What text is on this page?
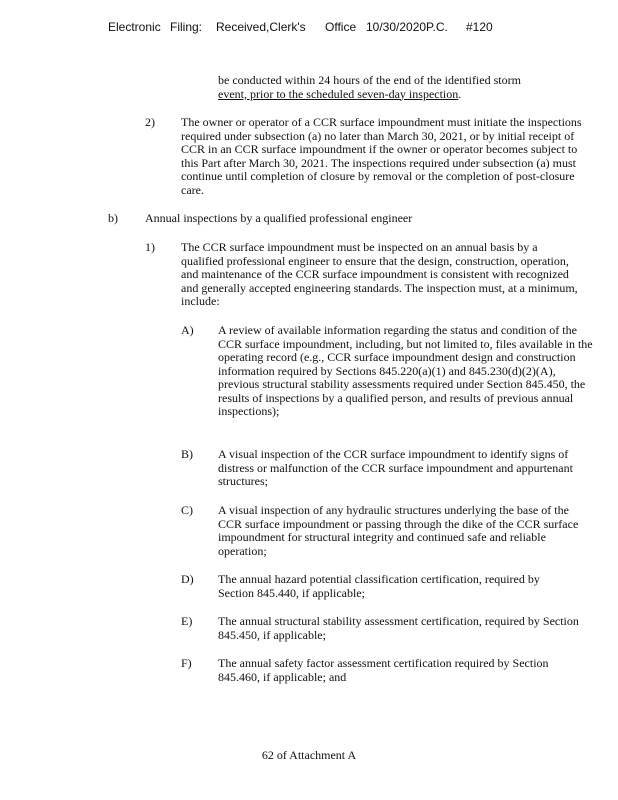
Electronic Filing: Received,Clerk's Office 10/30/2020P.C. #120
be conducted within 24 hours of the end of the identified storm
event, prior to the scheduled seven-day inspection.
2) The owner or operator of a CCR surface impoundment must initiate the inspections required under subsection (a) no later than March 30, 2021, or by initial receipt of CCR in an CCR surface impoundment if the owner or operator becomes subject to this Part after March 30, 2021. The inspections required under subsection (a) must continue until completion of closure by removal or the completion of post-closure care.
b) Annual inspections by a qualified professional engineer
1) The CCR surface impoundment must be inspected on an annual basis by a qualified professional engineer to ensure that the design, construction, operation, and maintenance of the CCR surface impoundment is consistent with recognized and generally accepted engineering standards. The inspection must, at a minimum, include:
A) A review of available information regarding the status and condition of the CCR surface impoundment, including, but not limited to, files available in the operating record (e.g., CCR surface impoundment design and construction information required by Sections 845.220(a)(1) and 845.230(d)(2)(A), previous structural stability assessments required under Section 845.450, the results of inspections by a qualified person, and results of previous annual inspections);
B) A visual inspection of the CCR surface impoundment to identify signs of distress or malfunction of the CCR surface impoundment and appurtenant structures;
C) A visual inspection of any hydraulic structures underlying the base of the CCR surface impoundment or passing through the dike of the CCR surface impoundment for structural integrity and continued safe and reliable operation;
D) The annual hazard potential classification certification, required by Section 845.440, if applicable;
E) The annual structural stability assessment certification, required by Section 845.450, if applicable;
F) The annual safety factor assessment certification required by Section 845.460, if applicable; and
62 of Attachment A
